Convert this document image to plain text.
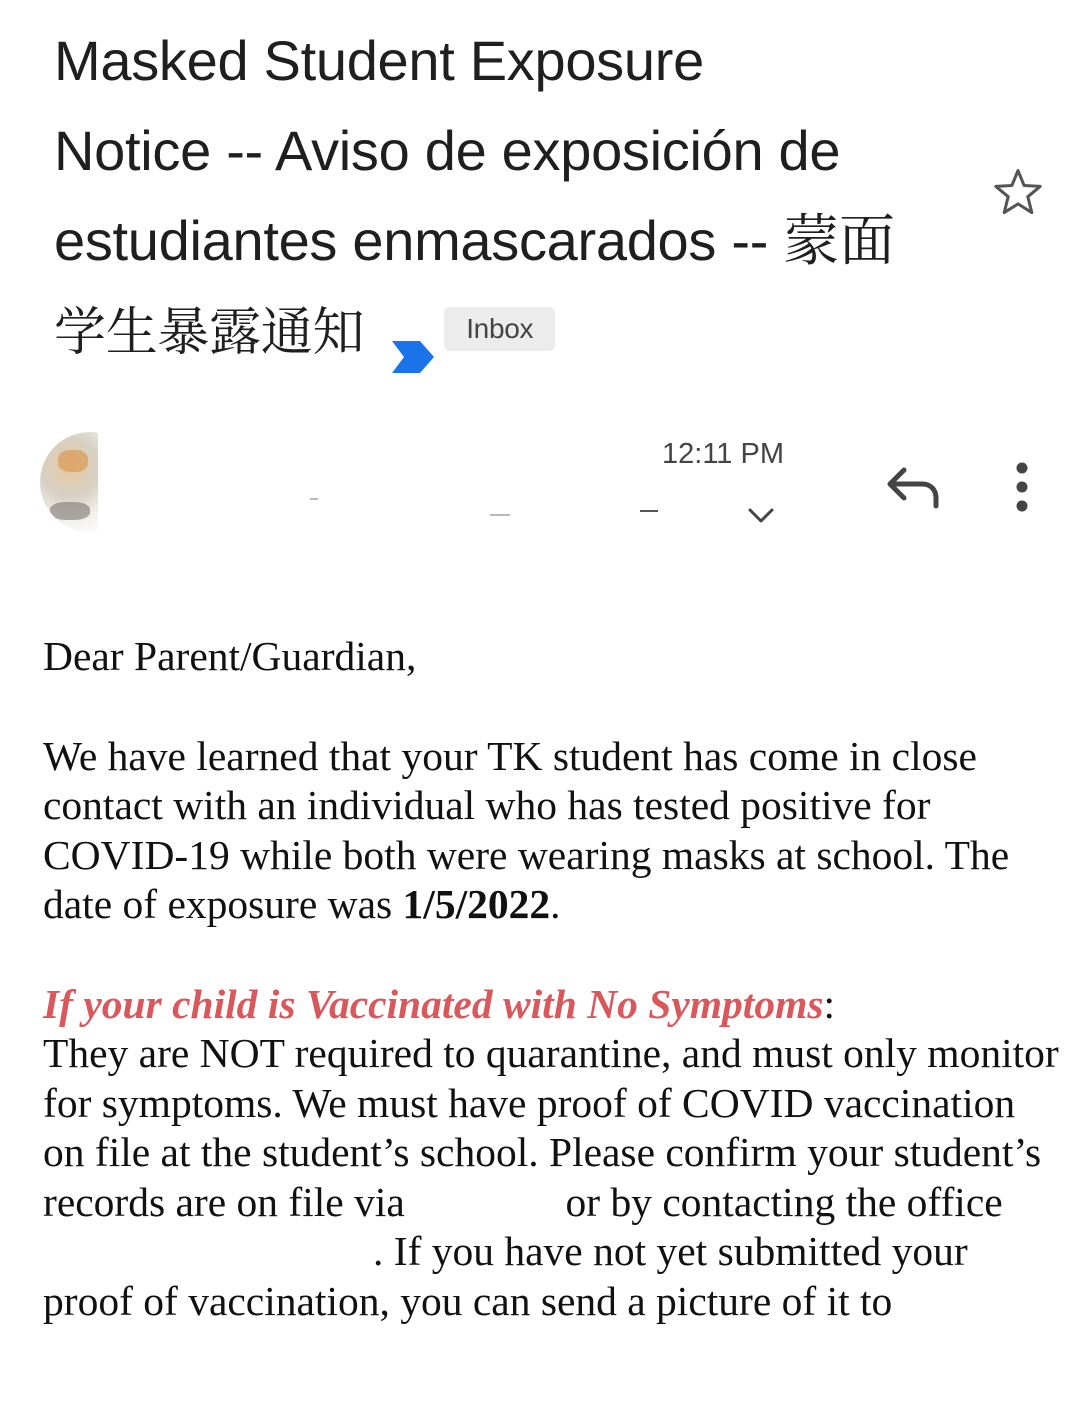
Masked Student Exposure
Notice -- Aviso de exposición de
estudiantes enmascarados -- 蒙面
学生暴露通知	Inbox
12:11 PM

Dear Parent/Guardian,

We have learned that your TK student has come in close contact with an individual who has tested positive for COVID-19 while both were wearing masks at school. The date of exposure was 1/5/2022.

If your child is Vaccinated with No Symptoms:
They are NOT required to quarantine, and must only monitor for symptoms. We must have proof of COVID vaccination on file at the student’s school. Please confirm your student’s records are on file via	or by contacting the office  . If you have not yet submitted your proof of vaccination, you can send a picture of it to
